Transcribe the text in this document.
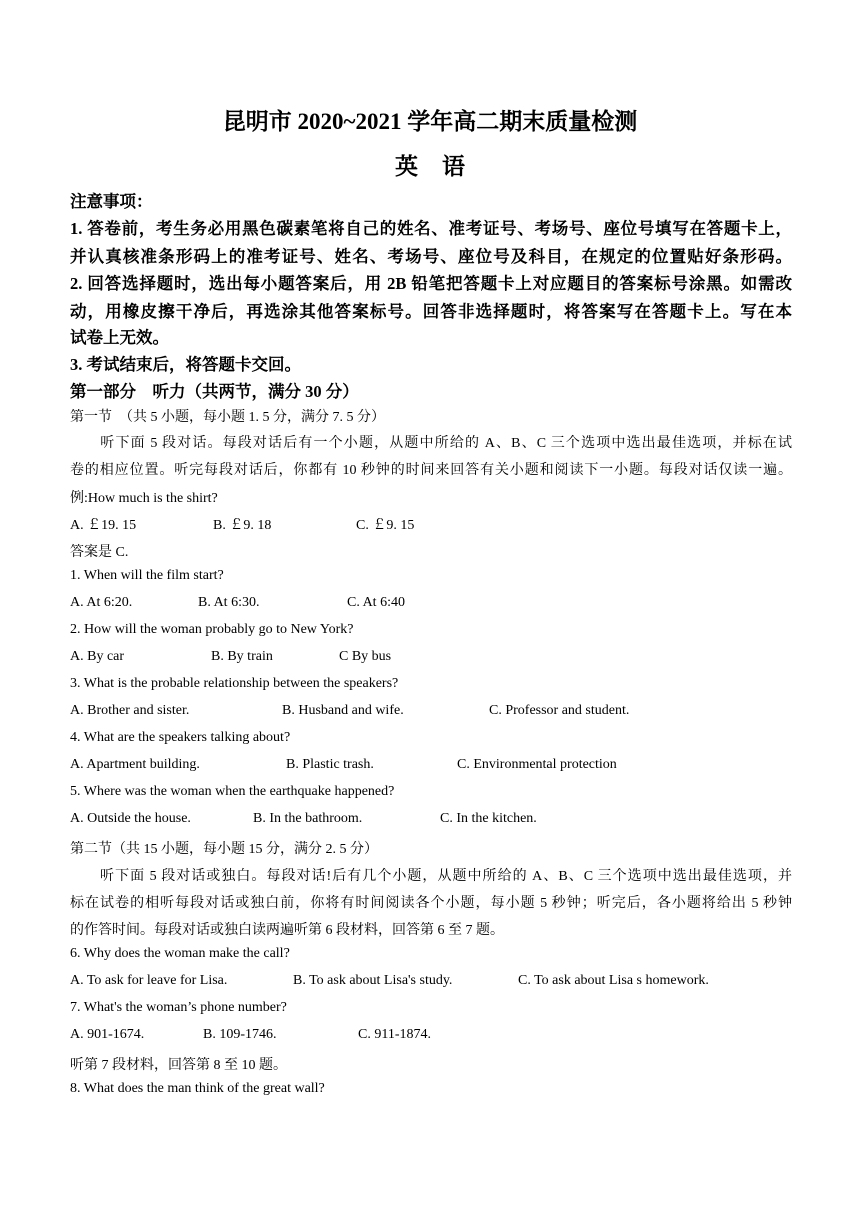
昆明市 2020~2021 学年高二期末质量检测
英语
注意事项：
1. 答卷前，考生务必用黑色碳素笔将自己的姓名、准考证号、考场号、座位号填写在答题卡上，
并认真核准条形码上的准考证号、姓名、考场号、座位号及科目，在规定的位置贴好条形码。
2. 回答选择题时，选出每小题答案后，用 2B 铅笔把答题卡上对应题目的答案标号涂黑。如需改
动，用橡皮擦干净后，再选涂其他答案标号。回答非选择题时，将答案写在答题卡上。写在本
试卷上无效。
3. 考试结束后，将答题卡交回。
第一部分　听力（共两节，满分 30 分）
第一节　（共 5 小题，每小题 1. 5 分，满分 7. 5 分）
　　听下面 5 段对话。每段对话后有一个小题，从题中所给的 A、B、C 三个选项中选出最佳选项，并标在试
卷的相应位置。听完每段对话后，你都有 10 秒钟的时间来回答有关小题和阅读下一小题。每段对话仅读一遍。
例:How much is the shirt?
A. ￡19. 15	B. ￡9. 18	C. ￡9. 15
答案是 C.
1. When will the film start?
A. At 6:20.	B. At 6:30.	C. At 6:40
2. How will the woman probably go to New York?
A. By car	B. By train	C By bus
3. What is the probable relationship between the speakers?
A. Brother and sister.	B. Husband and wife.	C. Professor and student.
4. What are the speakers talking about?
A. Apartment building.	B. Plastic trash.	C. Environmental protection
5. Where was the woman when the earthquake happened?
A. Outside the house.	B. In the bathroom.	C. In the kitchen.
第二节（共 15 小题，每小题 15 分，满分 2. 5 分）
　　听下面 5 段对话或独白。每段对话!后有几个小题，从题中所给的 A、B、C 三个选项中选出最佳选项，并
标在试卷的相听每段对话或独白前，你将有时间阅读各个小题，每小题 5 秒钟；听完后，各小题将给出 5 秒钟
的作答时间。每段对话或独白读两遍听第 6 段材料，回答第 6 至 7 题。
6. Why does the woman make the call?
A. To ask for leave for Lisa.	B. To ask about Lisa's study.	C. To ask about Lisa s homework.
7. What's the woman’s phone number?
A. 901-1674.	B. 109-1746.	C. 911-1874.
听第 7 段材料，回答第 8 至 10 题。
8. What does the man think of the great wall?
